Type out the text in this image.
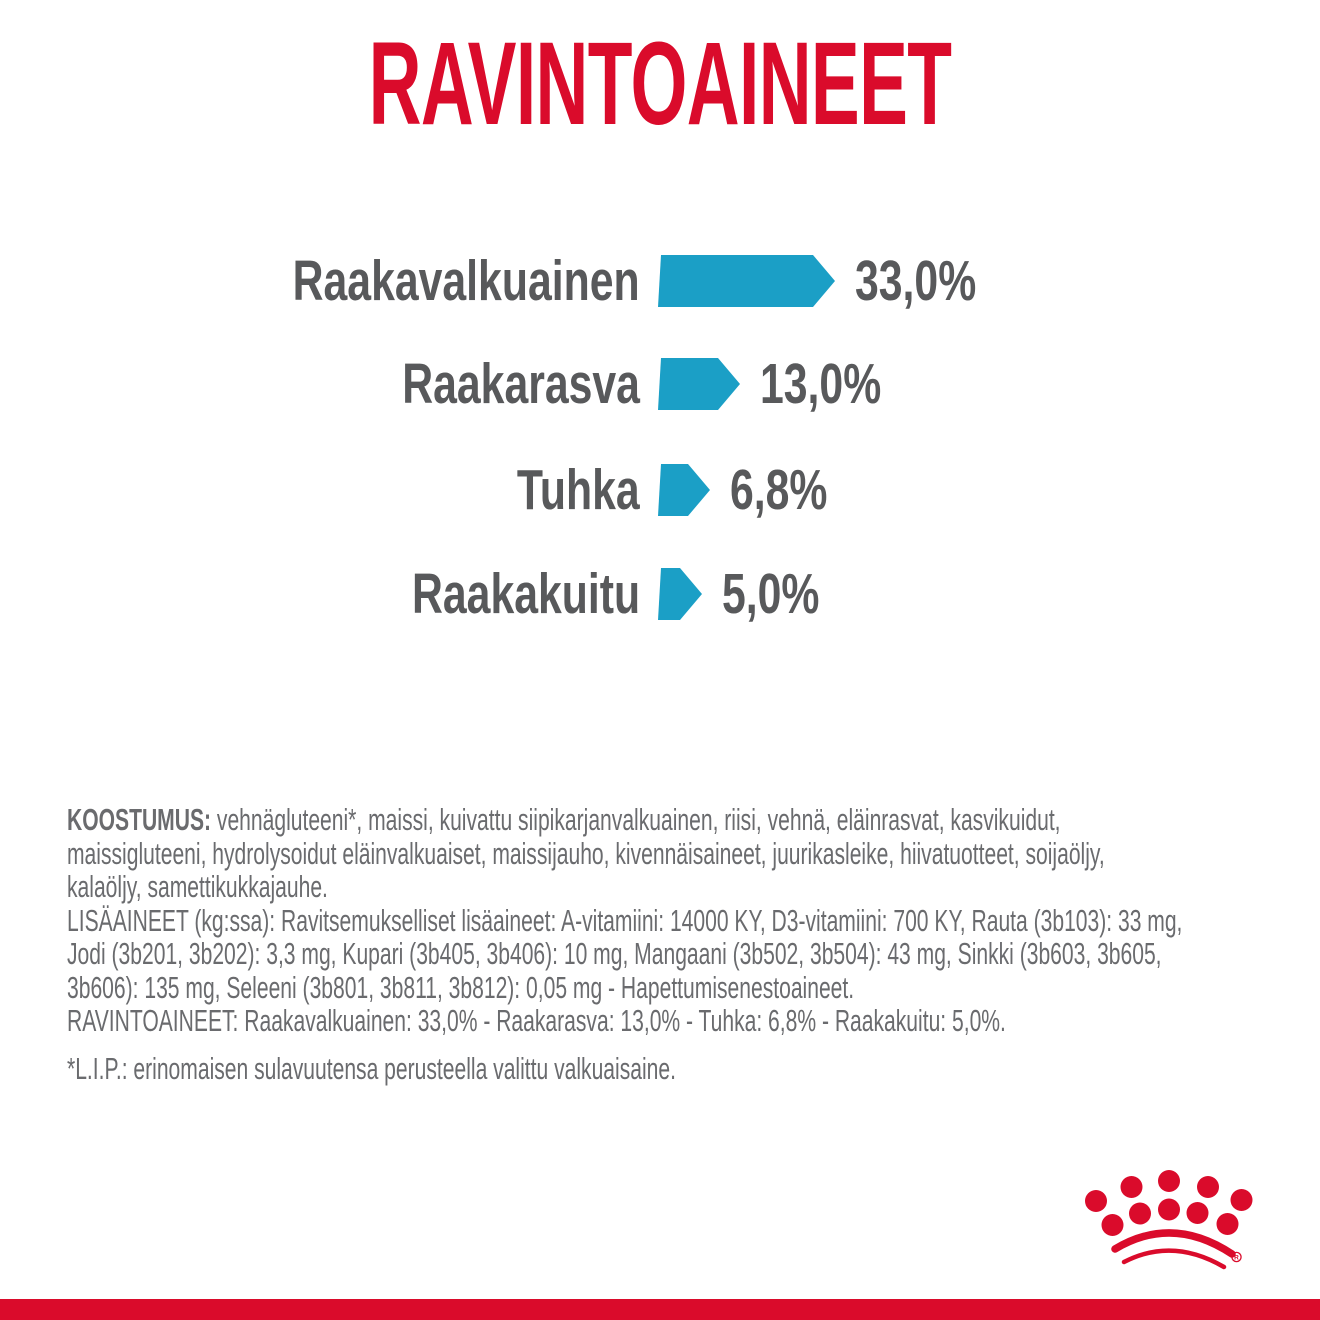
RAVINTOAINEET
Raakavalkuainen	33,0%
Raakarasva 13,0%
Tuhka 6,8%
Raakakuitu 5,0%
KOOSTUMUS: vehnägluteeni*, maissi, kuivattu siipikarjanvalkuainen, riisi, vehnä, eläinrasvat, kasvikuidut,
maissigluteeni, hydrolysoidut eläinvalkuaiset, maissijauho, kivennäisaineet, juurikasleike, hiivatuotteet, soijaöljy,
kalaöljy, samettikukkajauhe.
LISÄAINEET (kg:ssa): Ravitsemukselliset lisäaineet: A-vitamiini: 14000 KY, D3-vitamiini: 700 KY, Rauta (3b103): 33 mg,
Jodi (3b201, 3b202): 3,3 mg, Kupari (3b405, 3b406): 10 mg, Mangaani (3b502, 3b504): 43 mg, Sinkki (3b603, 3b605,
3b606): 135 mg, Seleeni (3b801, 3b811, 3b812): 0,05 mg - Hapettumisenestoaineet.
RAVINTOAINEET: Raakavalkuainen: 33,0% - Raakarasva: 13,0% - Tuhka: 6,8% - Raakakuitu: 5,0%.
*L.I.P.: erinomaisen sulavuutensa perusteella valittu valkuaisaine.
R
